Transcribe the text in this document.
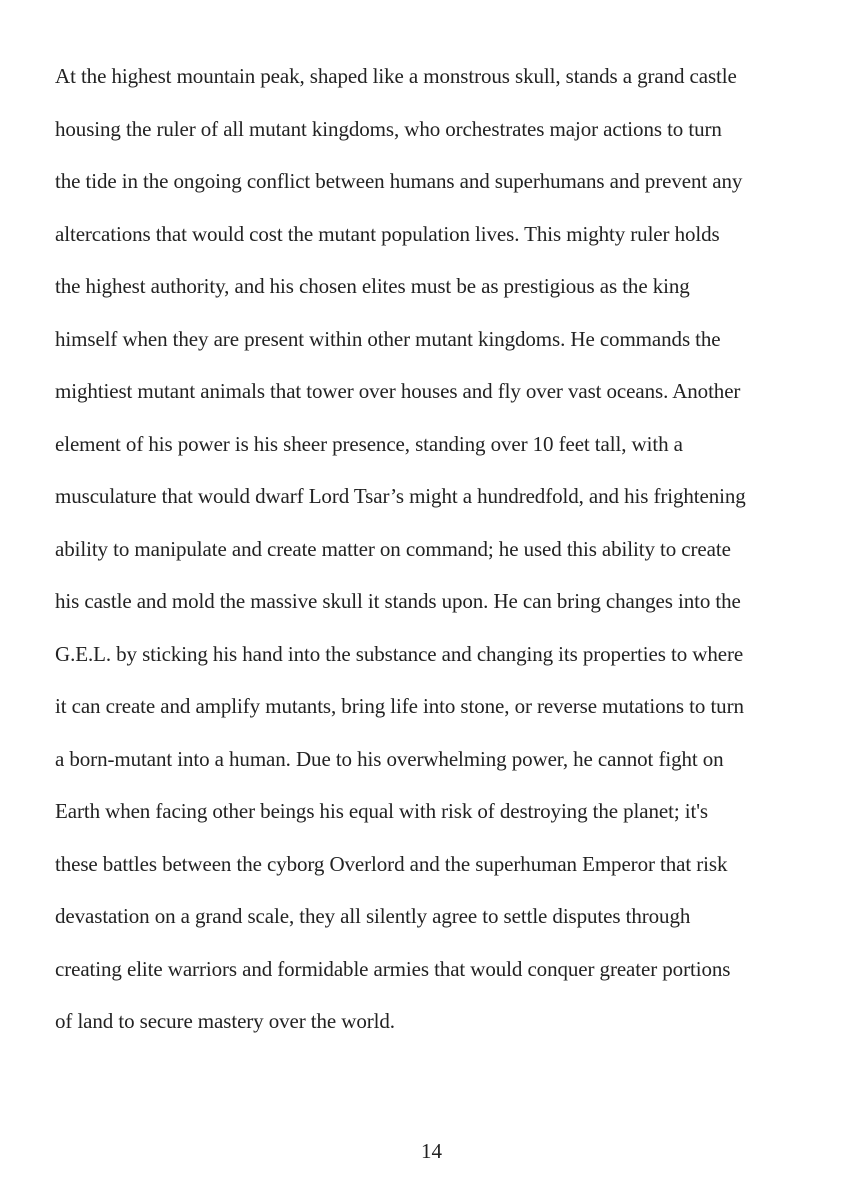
At the highest mountain peak, shaped like a monstrous skull, stands a grand castle
housing the ruler of all mutant kingdoms, who orchestrates major actions to turn
the tide in the ongoing conflict between humans and superhumans and prevent any
altercations that would cost the mutant population lives. This mighty ruler holds
the highest authority, and his chosen elites must be as prestigious as the king
himself when they are present within other mutant kingdoms. He commands the
mightiest mutant animals that tower over houses and fly over vast oceans. Another
element of his power is his sheer presence, standing over 10 feet tall, with a
musculature that would dwarf Lord Tsar’s might a hundredfold, and his frightening
ability to manipulate and create matter on command; he used this ability to create
his castle and mold the massive skull it stands upon. He can bring changes into the
G.E.L. by sticking his hand into the substance and changing its properties to where
it can create and amplify mutants, bring life into stone, or reverse mutations to turn
a born-mutant into a human. Due to his overwhelming power, he cannot fight on
Earth when facing other beings his equal with risk of destroying the planet; it's
these battles between the cyborg Overlord and the superhuman Emperor that risk
devastation on a grand scale, they all silently agree to settle disputes through
creating elite warriors and formidable armies that would conquer greater portions
of land to secure mastery over the world.
14
